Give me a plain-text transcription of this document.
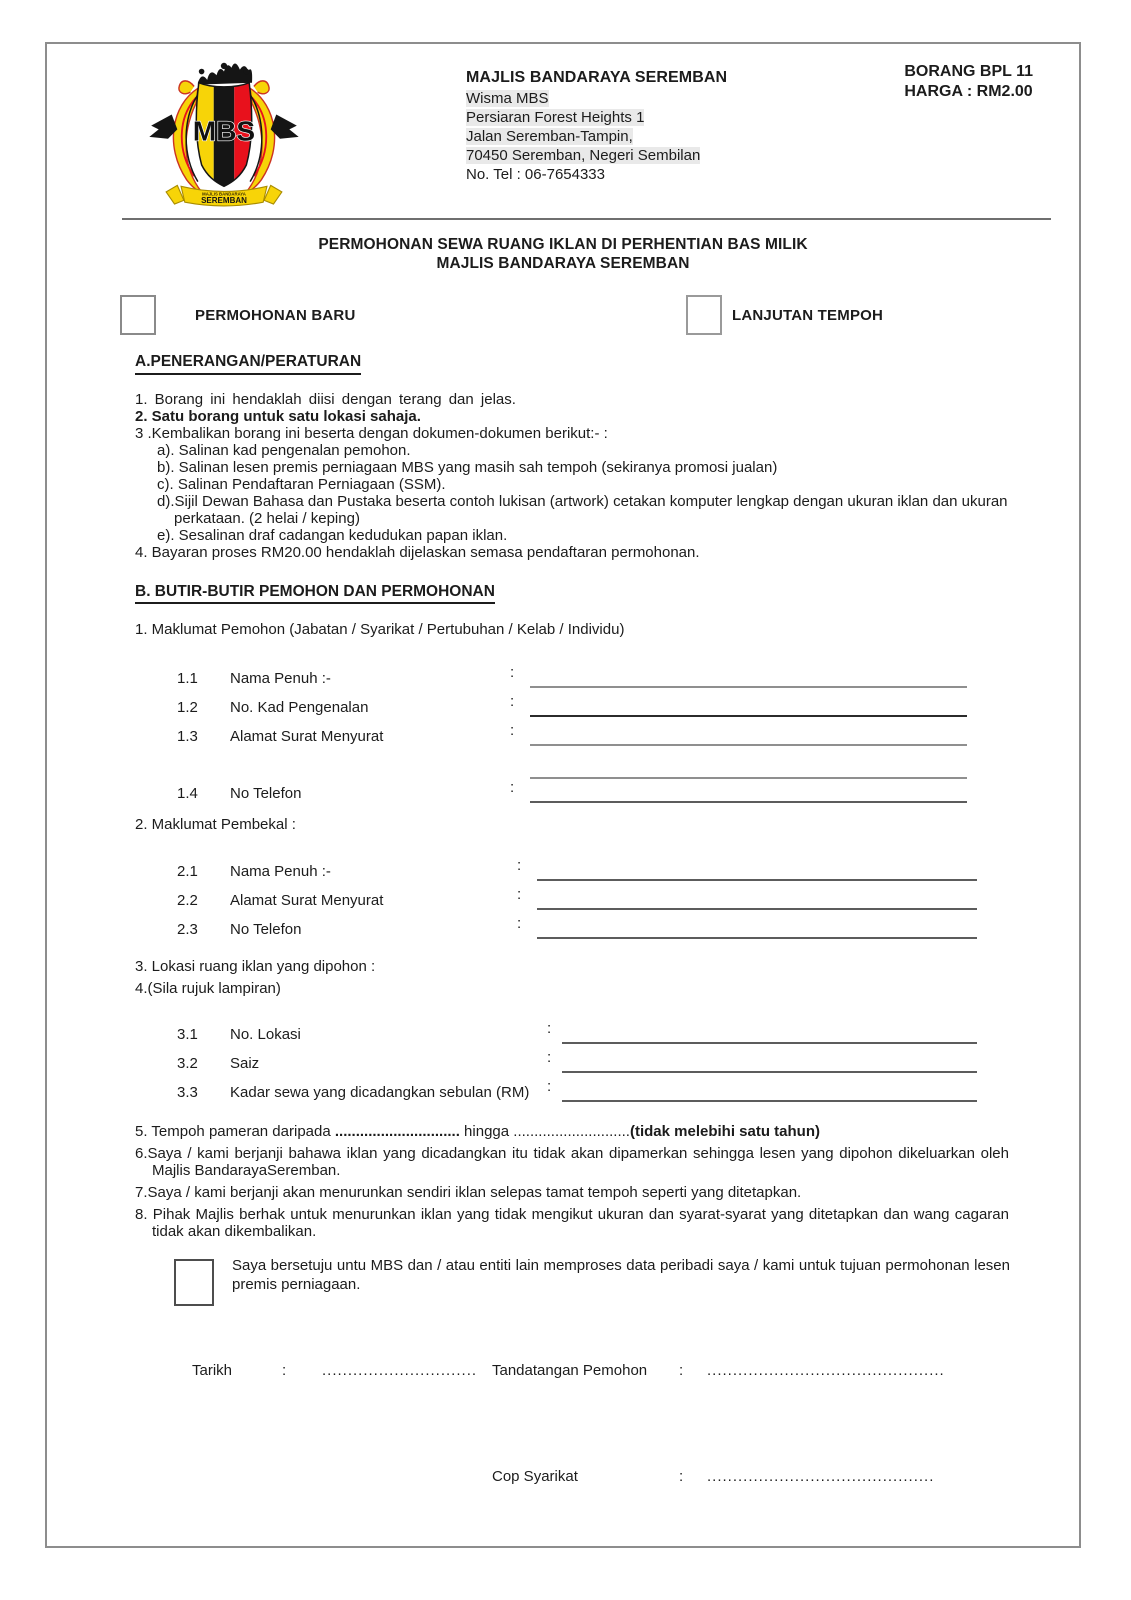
MBS
MAJLIS BANDARAYA
SEREMBAN
MAJLIS BANDARAYA SEREMBAN
Wisma MBS
Persiaran Forest Heights 1
Jalan Seremban-Tampin,
70450 Seremban, Negeri Sembilan
No. Tel : 06-7654333
BORANG BPL 11
HARGA : RM2.00
PERMOHONAN SEWA RUANG IKLAN DI PERHENTIAN BAS MILIK
MAJLIS BANDARAYA SEREMBAN
PERMOHONAN BARU	LANJUTAN TEMPOH
A.PENERANGAN/PERATURAN
1. Borang ini hendaklah diisi dengan terang dan jelas.
2. Satu borang untuk satu lokasi sahaja.
3 .Kembalikan borang ini beserta dengan dokumen-dokumen berikut:- :
a). Salinan kad pengenalan pemohon.
b). Salinan lesen premis perniagaan MBS yang masih sah tempoh (sekiranya promosi jualan)
c). Salinan Pendaftaran Perniagaan (SSM).
d).Sijil Dewan Bahasa dan Pustaka beserta contoh lukisan (artwork) cetakan komputer lengkap dengan ukuran iklan dan ukuran perkataan. (2 helai / keping)
e). Sesalinan draf cadangan kedudukan papan iklan.
4. Bayaran proses RM20.00 hendaklah dijelaskan semasa pendaftaran permohonan.
B. BUTIR-BUTIR PEMOHON DAN PERMOHONAN
1. Maklumat Pemohon (Jabatan / Syarikat / Pertubuhan / Kelab / Individu)
1.1 Nama Penuh :-	:
1.2 No. Kad Pengenalan	:
1.3 Alamat Surat Menyurat	:
1.4 No Telefon	:
2. Maklumat Pembekal :
2.1 Nama Penuh :-	:
2.2 Alamat Surat Menyurat	:
2.3 No Telefon	:
3. Lokasi ruang iklan yang dipohon :
4.(Sila rujuk lampiran)
3.1 No. Lokasi	:
3.2 Saiz	:
3.3 Kadar sewa yang dicadangkan sebulan (RM) :
5. Tempoh pameran daripada .............................. hingga ............................(tidak melebihi satu tahun)
6.Saya / kami berjanji bahawa iklan yang dicadangkan itu tidak akan dipamerkan sehingga lesen yang dipohon dikeluarkan oleh Majlis BandarayaSeremban.
7.Saya / kami berjanji akan menurunkan sendiri iklan selepas tamat tempoh seperti yang ditetapkan.
8. Pihak Majlis berhak untuk menurunkan iklan yang tidak mengikut ukuran dan syarat-syarat yang ditetapkan dan wang cagaran tidak akan dikembalikan.
Saya bersetuju untu MBS dan / atau entiti lain memproses data peribadi saya / kami untuk tujuan permohonan lesen premis perniagaan.
Tarikh	: .............................. Tandatangan Pemohon : ..............................................
Cop Syarikat	: ............................................
